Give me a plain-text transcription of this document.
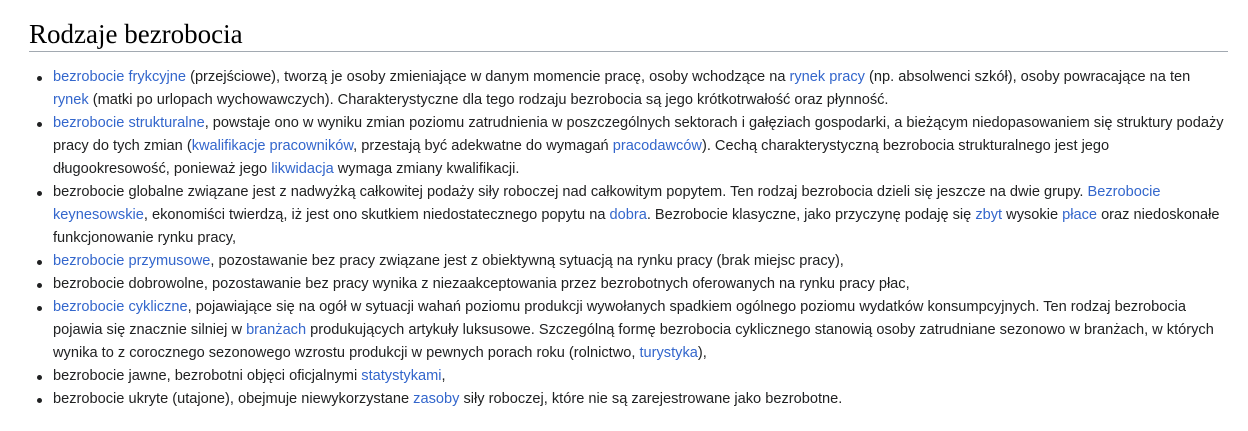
Rodzaje bezrobocia
bezrobocie frykcyjne (przejściowe), tworzą je osoby zmieniające w danym momencie pracę, osoby wchodzące na rynek pracy (np. absolwenci szkół), osoby powracające na ten rynek (matki po urlopach wychowawczych). Charakterystyczne dla tego rodzaju bezrobocia są jego krótkotrwałość oraz płynność.
bezrobocie strukturalne, powstaje ono w wyniku zmian poziomu zatrudnienia w poszczególnych sektorach i gałęziach gospodarki, a bieżącym niedopasowaniem się struktury podaży pracy do tych zmian (kwalifikacje pracowników, przestają być adekwatne do wymagań pracodawców). Cechą charakterystyczną bezrobocia strukturalnego jest jego długookresowość, ponieważ jego likwidacja wymaga zmiany kwalifikacji.
bezrobocie globalne związane jest z nadwyżką całkowitej podaży siły roboczej nad całkowitym popytem. Ten rodzaj bezrobocia dzieli się jeszcze na dwie grupy. Bezrobocie keynesowskie, ekonomiści twierdzą, iż jest ono skutkiem niedostatecznego popytu na dobra. Bezrobocie klasyczne, jako przyczynę podaję się zbyt wysokie płace oraz niedoskonałe funkcjonowanie rynku pracy,
bezrobocie przymusowe, pozostawanie bez pracy związane jest z obiektywną sytuacją na rynku pracy (brak miejsc pracy),
bezrobocie dobrowolne, pozostawanie bez pracy wynika z niezaakceptowania przez bezrobotnych oferowanych na rynku pracy płac,
bezrobocie cykliczne, pojawiające się na ogół w sytuacji wahań poziomu produkcji wywołanych spadkiem ogólnego poziomu wydatków konsumpcyjnych. Ten rodzaj bezrobocia pojawia się znacznie silniej w branżach produkujących artykuły luksusowe. Szczególną formę bezrobocia cyklicznego stanowią osoby zatrudniane sezonowo w branżach, w których wynika to z corocznego sezonowego wzrostu produkcji w pewnych porach roku (rolnictwo, turystyka),
bezrobocie jawne, bezrobotni objęci oficjalnymi statystykami,
bezrobocie ukryte (utajone), obejmuje niewykorzystane zasoby siły roboczej, które nie są zarejestrowane jako bezrobotne.
